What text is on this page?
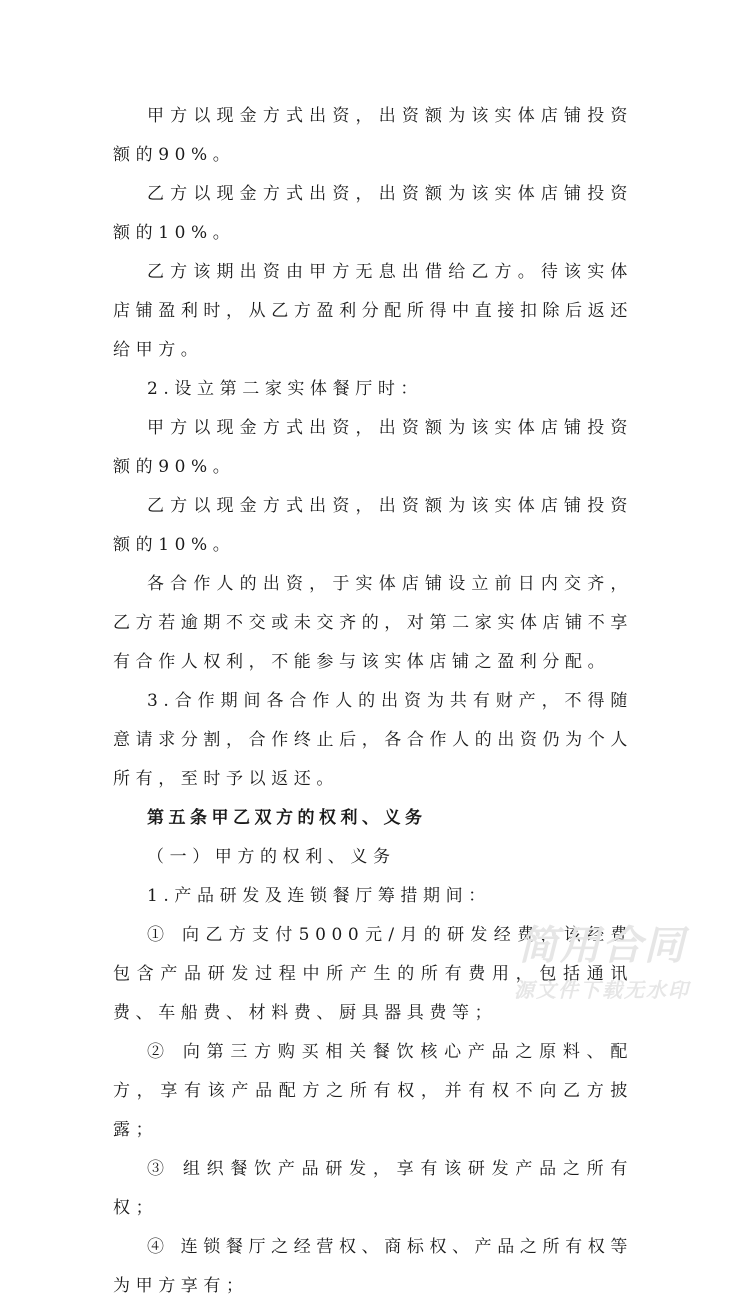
甲方以现金方式出资，出资额为该实体店铺投资额的90%。

乙方以现金方式出资，出资额为该实体店铺投资额的10%。

乙方该期出资由甲方无息出借给乙方。待该实体店铺盈利时，从乙方盈利分配所得中直接扣除后返还给甲方。

2.设立第二家实体餐厅时：

甲方以现金方式出资，出资额为该实体店铺投资额的90%。

乙方以现金方式出资，出资额为该实体店铺投资额的10%。

各合作人的出资，于实体店铺设立前日内交齐，乙方若逾期不交或未交齐的，对第二家实体店铺不享有合作人权利，不能参与该实体店铺之盈利分配。

3.合作期间各合作人的出资为共有财产，不得随意请求分割，合作终止后，各合作人的出资仍为个人所有，至时予以返还。

第五条甲乙双方的权利、义务

（一）甲方的权利、义务

1.产品研发及连锁餐厅筹措期间：

① 向乙方支付5000元/月的研发经费，该经费包含产品研发过程中所产生的所有费用，包括通讯费、车船费、材料费、厨具器具费等；

② 向第三方购买相关餐饮核心产品之原料、配方，享有该产品配方之所有权，并有权不向乙方披露；

③ 组织餐饮产品研发，享有该研发产品之所有权；

④ 连锁餐厅之经营权、商标权、产品之所有权等为甲方享有；

简用合同
源文件下载无水印
